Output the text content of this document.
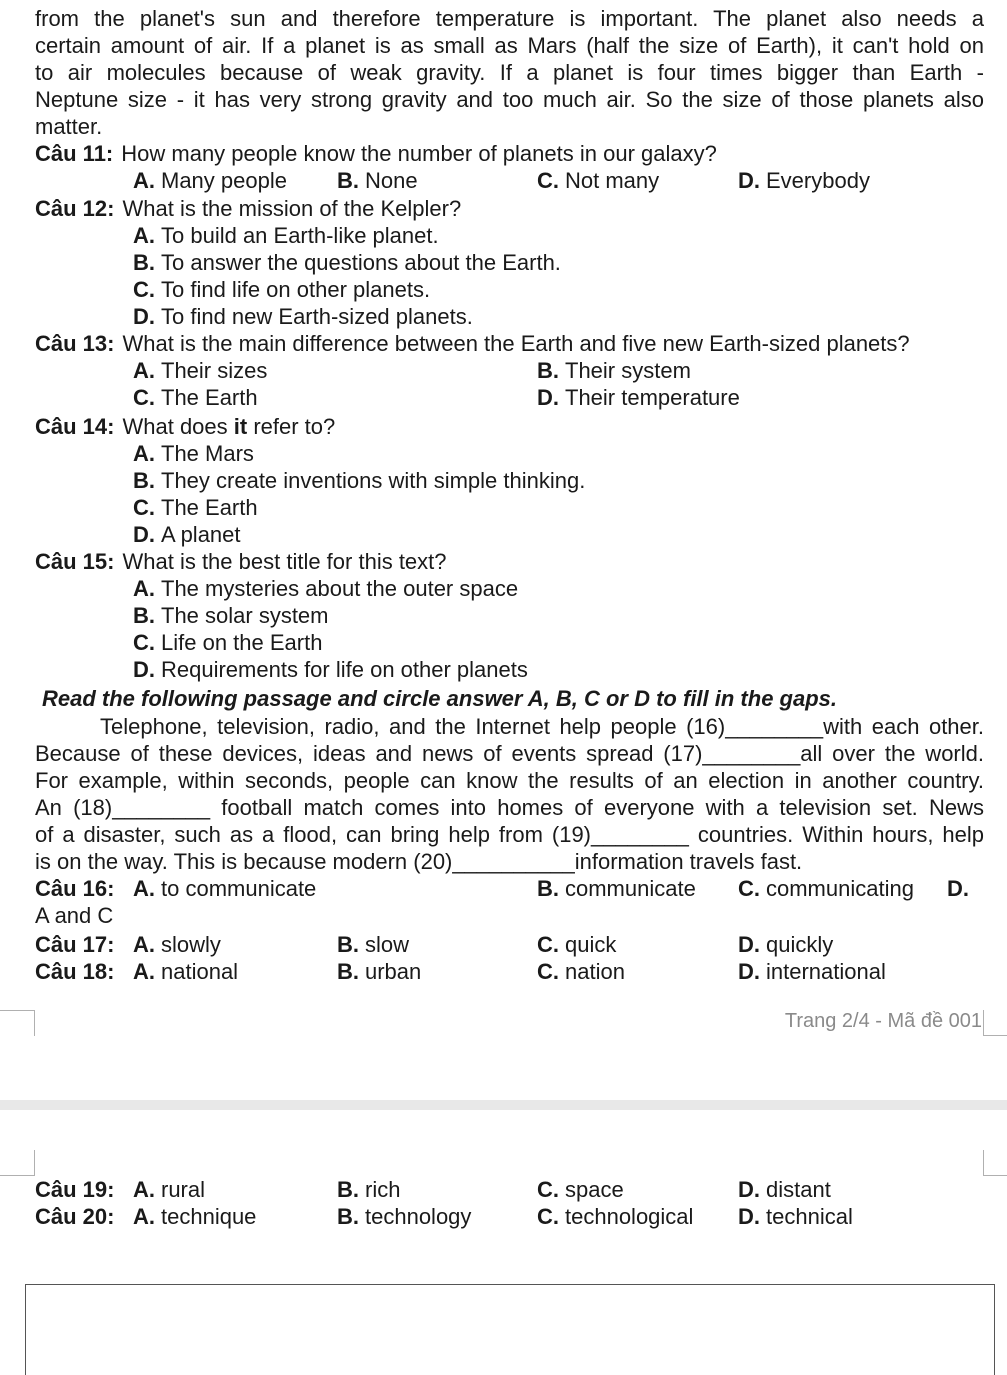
from the planet's sun and therefore temperature is important. The planet also needs a
certain amount of air. If a planet is as small as Mars (half the size of Earth), it can't hold on
to air molecules because of weak gravity. If a planet is four times bigger than Earth -
Neptune size - it has very strong gravity and too much air. So the size of those planets also
matter.
Câu 11: How many people know the number of planets in our galaxy?
A. Many people B. None	C. Not many	D. Everybody
Câu 12: What is the mission of the Kelpler?
A. To build an Earth-like planet.
B. To answer the questions about the Earth.
C. To find life on other planets.
D. To find new Earth-sized planets.
Câu 13: What is the main difference between the Earth and five new Earth-sized planets?
A. Their sizes	B. Their system
C. The Earth	D. Their temperature
Câu 14: What does it refer to?
A. The Mars
B. They create inventions with simple thinking.
C. The Earth
D. A planet
Câu 15: What is the best title for this text?
A. The mysteries about the outer space
B. The solar system
C. Life on the Earth
D. Requirements for life on other planets
Read the following passage and circle answer A, B, C or D to fill in the gaps.
Telephone, television, radio, and the Internet help people (16)________with each other.
Because of these devices, ideas and news of events spread (17)________all over the world.
For example, within seconds, people can know the results of an election in another country.
An (18)________ football match comes into homes of everyone with a television set. News
of a disaster, such as a flood, can bring help from (19)________ countries. Within hours, help
is on the way. This is because modern (20)__________information travels fast.
Câu 16: A. to communicate	B. communicate C. communicating D.
A and C
Câu 17: A. slowly	B. slow	C. quick	D. quickly
Câu 18: A. national	B. urban	C. nation	D. international
Trang 2/4 - Mã đề 001
Câu 19: A. rural	B. rich	C. space	D. distant
Câu 20: A. technique	B. technology	C. technological D. technical
